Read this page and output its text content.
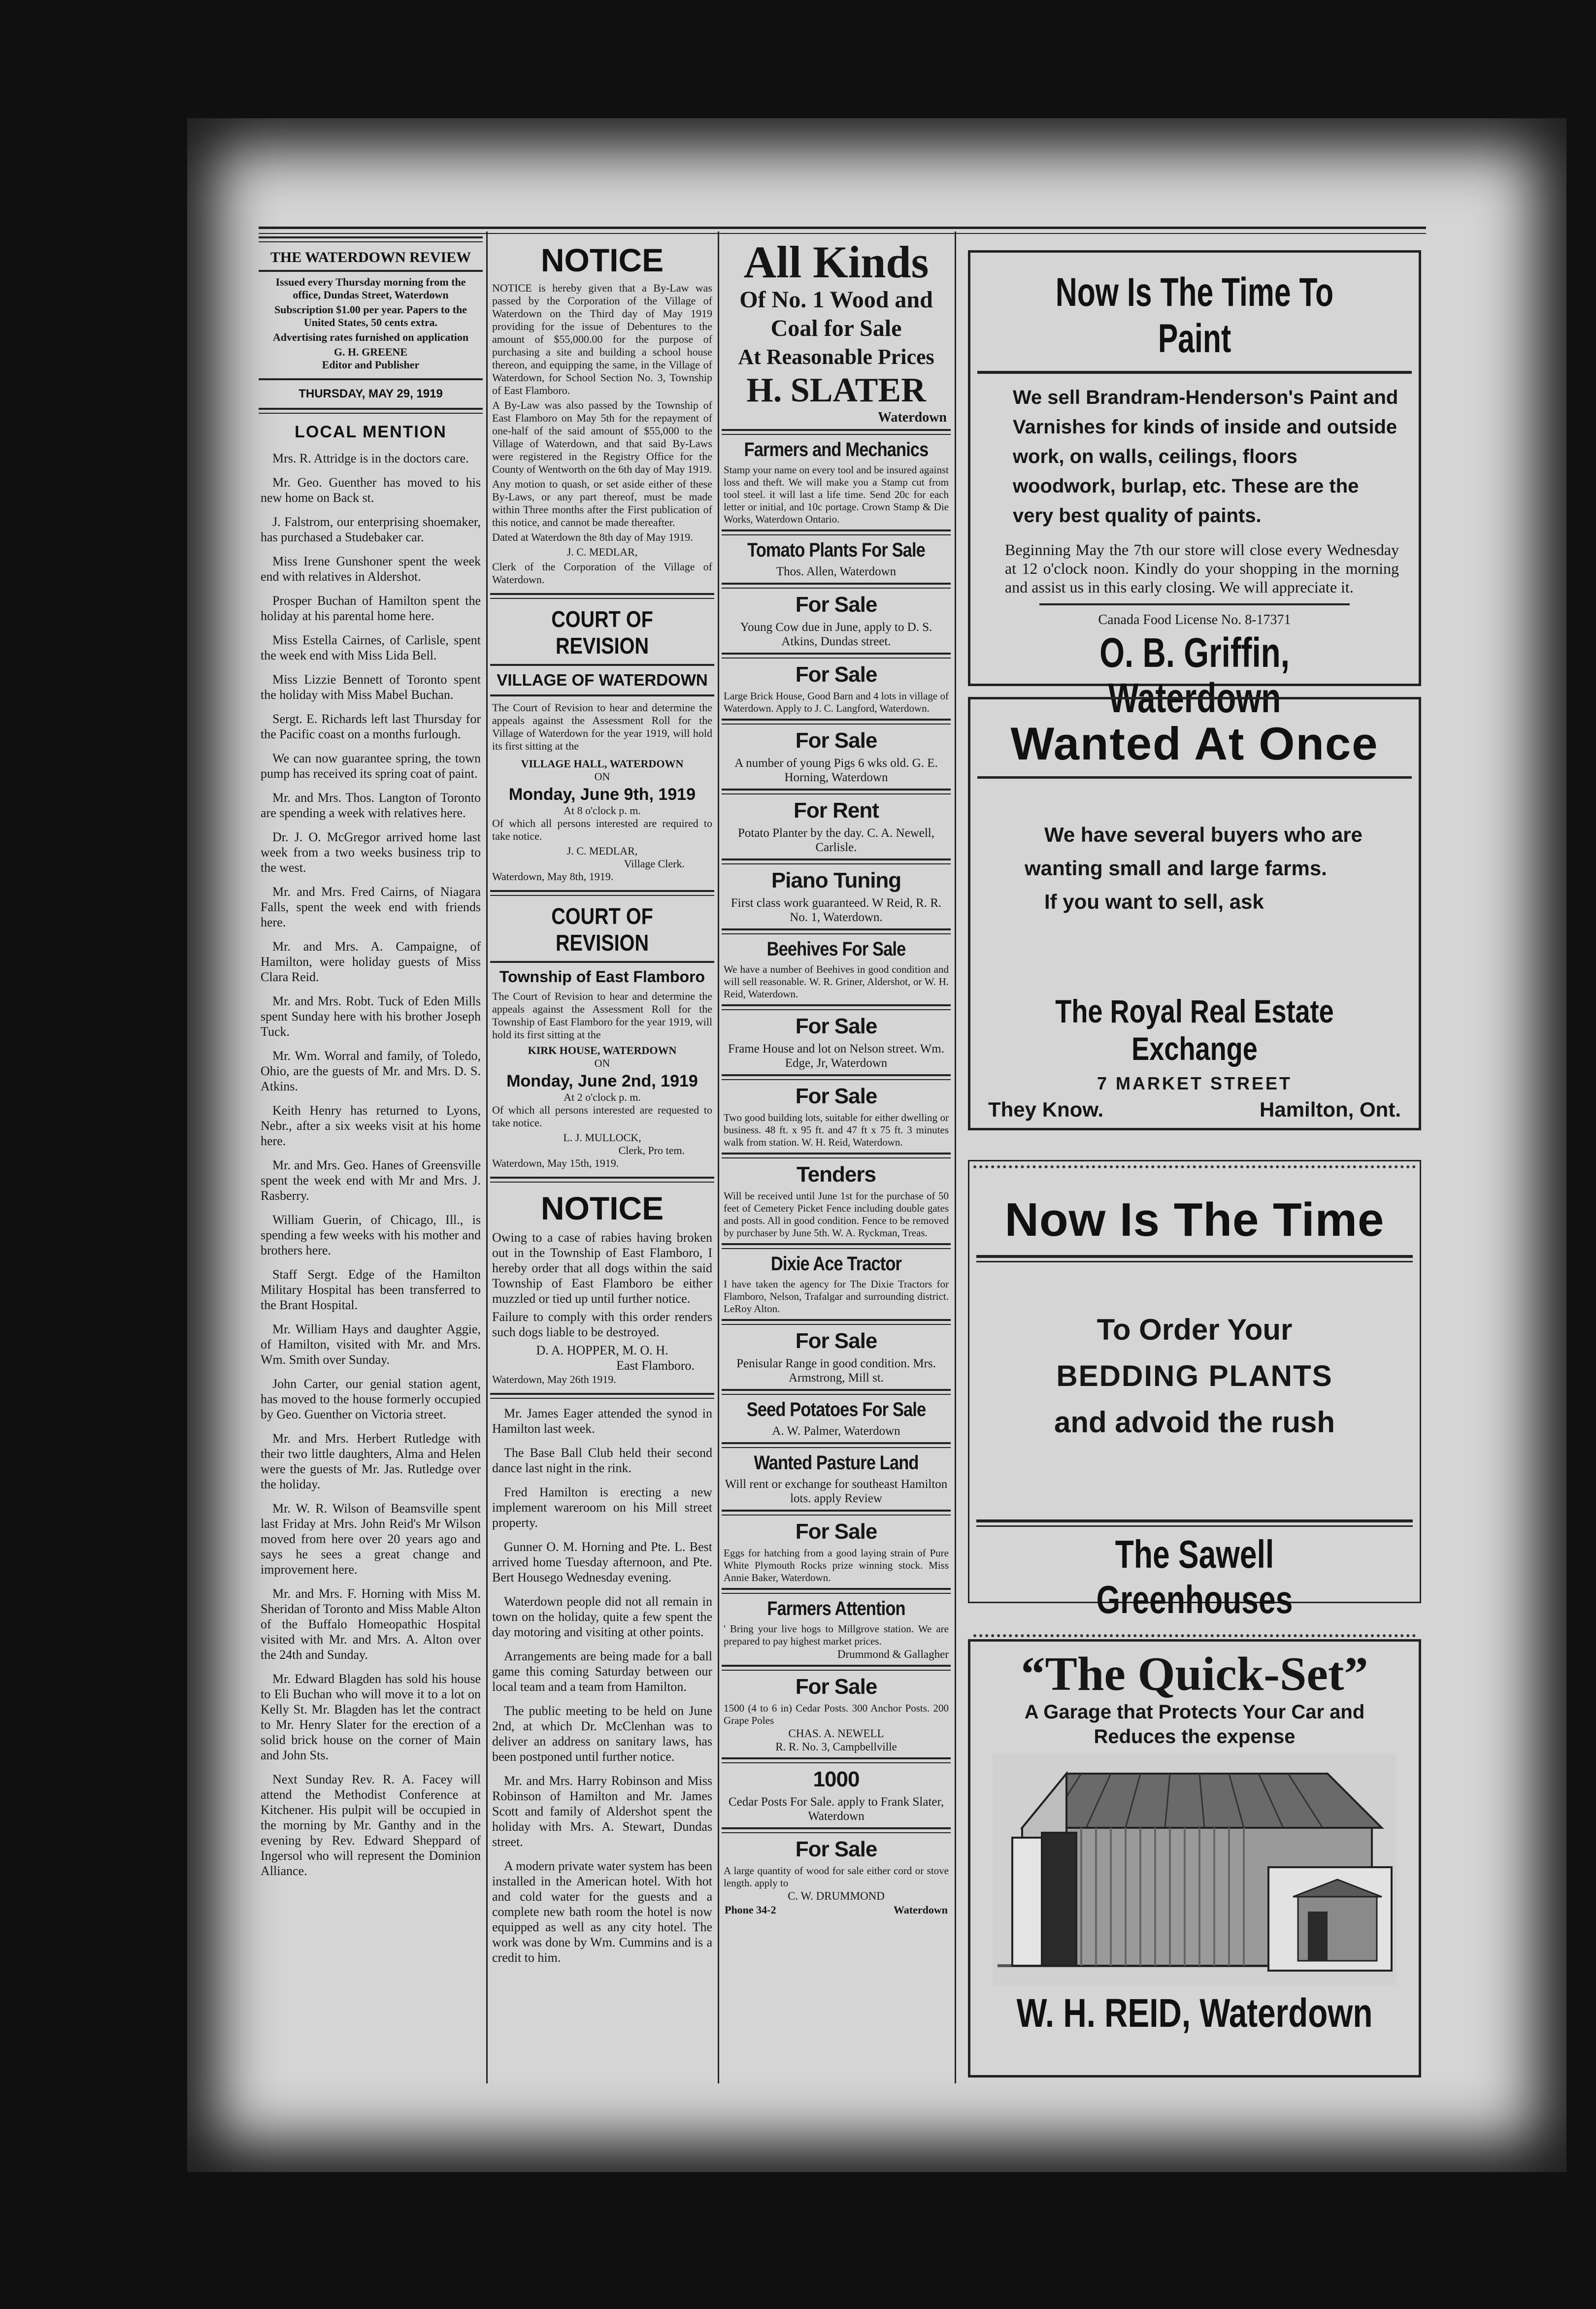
THE WATERDOWN REVIEW

Issued every Thursday morning from the office, Dundas Street, Waterdown

Subscription $1.00 per year. Papers to the United States, 50 cents extra.

Advertising rates furnished on application

G. H. GREENE

Editor and Publisher

THURSDAY, MAY 29, 1919
LOCAL MENTION

Mrs. R. Attridge is in the doctors care.

Mr. Geo. Guenther has moved to his new home on Back st.

J. Falstrom, our enterprising shoemaker, has purchased a Studebaker car.

Miss Irene Gunshoner spent the week end with relatives in Aldershot.

Prosper Buchan of Hamilton spent the holiday at his parental home here.

Miss Estella Cairnes, of Carlisle, spent the week end with Miss Lida Bell.

Miss Lizzie Bennett of Toronto spent the holiday with Miss Mabel Buchan.

Sergt. E. Richards left last Thursday for the Pacific coast on a months furlough.

We can now guarantee spring, the town pump has received its spring coat of paint.

Mr. and Mrs. Thos. Langton of Toronto are spending a week with relatives here.

Dr. J. O. McGregor arrived home last week from a two weeks business trip to the west.

Mr. and Mrs. Fred Cairns, of Niagara Falls, spent the week end with friends here.

Mr. and Mrs. A. Campaigne, of Hamilton, were holiday guests of Miss Clara Reid.

Mr. and Mrs. Robt. Tuck of Eden Mills spent Sunday here with his brother Joseph Tuck.

Mr. Wm. Worral and family, of Toledo, Ohio, are the guests of Mr. and Mrs. D. S. Atkins.

Keith Henry has returned to Lyons, Nebr., after a six weeks visit at his home here.

Mr. and Mrs. Geo. Hanes of Greensville spent the week end with Mr and Mrs. J. Rasberry.

William Guerin, of Chicago, Ill., is spending a few weeks with his mother and brothers here.

Staff Sergt. Edge of the Hamilton Military Hospital has been transferred to the Brant Hospital.

Mr. William Hays and daughter Aggie, of Hamilton, visited with Mr. and Mrs. Wm. Smith over Sunday.

John Carter, our genial station agent, has moved to the house formerly occupied by Geo. Guenther on Victoria street.

Mr. and Mrs. Herbert Rutledge with their two little daughters, Alma and Helen were the guests of Mr. Jas. Rutledge over the holiday.

Mr. W. R. Wilson of Beamsville spent last Friday at Mrs. John Reid's Mr Wilson moved from here over 20 years ago and says he sees a great change and improvement here.

Mr. and Mrs. F. Horning with Miss M. Sheridan of Toronto and Miss Mable Alton of the Buffalo Homeopathic Hospital visited with Mr. and Mrs. A. Alton over the 24th and Sunday.

Mr. Edward Blagden has sold his house to Eli Buchan who will move it to a lot on Kelly St. Mr. Blagden has let the contract to Mr. Henry Slater for the erection of a solid brick house on the corner of Main and John Sts.

Next Sunday Rev. R. A. Facey will attend the Methodist Conference at Kitchener. His pulpit will be occupied in the morning by Mr. Ganthy and in the evening by Rev. Edward Sheppard of Ingersol who will represent the Dominion Alliance.

NOTICE

NOTICE is hereby given that a By-Law was passed by the Corporation of the Village of Waterdown on the Third day of May 1919 providing for the issue of Debentures to the amount of $55,000.00 for the purpose of purchasing a site and building a school house thereon, and equipping the same, in the Village of Waterdown, for School Section No. 3, Township of East Flamboro.

A By-Law was also passed by the Township of East Flamboro on May 5th for the repayment of one-half of the said amount of $55,000 to the Village of Waterdown, and that said By-Laws were registered in the Registry Office for the County of Wentworth on the 6th day of May 1919.

Any motion to quash, or set aside either of these By-Laws, or any part thereof, must be made within Three months after the First publication of this notice, and cannot be made thereafter.

Dated at Waterdown the 8th day of May 1919.

J. C. MEDLAR,

Clerk of the Corporation of the Village of Waterdown.

COURT OF REVISION
VILLAGE OF WATERDOWN

The Court of Revision to hear and determine the appeals against the Assessment Roll for the Village of Waterdown for the year 1919, will hold its first sitting at the

VILLAGE HALL, WATERDOWN

ON

Monday, June 9th, 1919

At 8 o'clock p. m.

Of which all persons interested are required to take notice.

J. C. MEDLAR,

Village Clerk.

Waterdown, May 8th, 1919.

COURT OF REVISION
Township of East Flamboro

The Court of Revision to hear and determine the appeals against the Assessment Roll for the Township of East Flamboro for the year 1919, will hold its first sitting at the

KIRK HOUSE, WATERDOWN

ON

Monday, June 2nd, 1919

At 2 o'clock p. m.

Of which all persons interested are requested to take notice.

L. J. MULLOCK,

Clerk, Pro tem.

Waterdown, May 15th, 1919.

NOTICE

Owing to a case of rabies having broken out in the Township of East Flamboro, I hereby order that all dogs within the said Township of East Flamboro be either muzzled or tied up until further notice.

Failure to comply with this order renders such dogs liable to be destroyed.

D. A. HOPPER, M. O. H.

East Flamboro.

Waterdown, May 26th 1919.

Mr. James Eager attended the synod in Hamilton last week.

The Base Ball Club held their second dance last night in the rink.

Fred Hamilton is erecting a new implement wareroom on his Mill street property.

Gunner O. M. Horning and Pte. L. Best arrived home Tuesday afternoon, and Pte. Bert Housego Wednesday evening.

Waterdown people did not all remain in town on the holiday, quite a few spent the day motoring and visiting at other points.

Arrangements are being made for a ball game this coming Saturday between our local team and a team from Hamilton.

The public meeting to be held on June 2nd, at which Dr. McClenhan was to deliver an address on sanitary laws, has been postponed until further notice.

Mr. and Mrs. Harry Robinson and Miss Robinson of Hamilton and Mr. James Scott and family of Aldershot spent the holiday with Mrs. A. Stewart, Dundas street.

A modern private water system has been installed in the American hotel. With hot and cold water for the guests and a complete new bath room the hotel is now equipped as well as any city hotel. The work was done by Wm. Cummins and is a credit to him.

All Kinds
Of No. 1 Wood and
Coal for Sale
At Reasonable Prices
H. SLATER
Waterdown
Farmers and Mechanics

Stamp your name on every tool and be insured against loss and theft. We will make you a Stamp cut from tool steel. it will last a life time. Send 20c for each letter or initial, and 10c portage. Crown Stamp & Die Works, Waterdown Ontario.

Tomato Plants For Sale

Thos. Allen, Waterdown

For Sale

Young Cow due in June, apply to D. S. Atkins, Dundas street.

For Sale

Large Brick House, Good Barn and 4 lots in village of Waterdown. Apply to J. C. Langford, Waterdown.

For Sale

A number of young Pigs 6 wks old. G. E. Horning, Waterdown

For Rent

Potato Planter by the day. C. A. Newell, Carlisle.

Piano Tuning

First class work guaranteed. W Reid, R. R. No. 1, Waterdown.

Beehives For Sale

We have a number of Beehives in good condition and will sell reasonable. W. R. Griner, Aldershot, or W. H. Reid, Waterdown.

For Sale

Frame House and lot on Nelson street. Wm. Edge, Jr, Waterdown

For Sale

Two good building lots, suitable for either dwelling or business. 48 ft. x 95 ft. and 47 ft x 75 ft. 3 minutes walk from station. W. H. Reid, Waterdown.

Tenders

Will be received until June 1st for the purchase of 50 feet of Cemetery Picket Fence including double gates and posts. All in good condition. Fence to be removed by purchaser by June 5th. W. A. Ryckman, Treas.

Dixie Ace Tractor

I have taken the agency for The Dixie Tractors for Flamboro, Nelson, Trafalgar and surrounding district. LeRoy Alton.

For Sale

Penisular Range in good condition. Mrs. Armstrong, Mill st.

Seed Potatoes For Sale

A. W. Palmer, Waterdown

Wanted Pasture Land

Will rent or exchange for southeast Hamilton lots. apply Review

For Sale

Eggs for hatching from a good laying strain of Pure White Plymouth Rocks prize winning stock. Miss Annie Baker, Waterdown.

Farmers Attention

' Bring your live hogs to Millgrove station. We are prepared to pay highest market prices.

Drummond & Gallagher

For Sale

1500 (4 to 6 in) Cedar Posts. 300 Anchor Posts. 200 Grape Poles

CHAS. A. NEWELL

R. R. No. 3, Campbellville

1000

Cedar Posts For Sale. apply to Frank Slater, Waterdown

For Sale

A large quantity of wood for sale either cord or stove length. apply to

C. W. DRUMMOND

Phone 34-2	Waterdown
Now Is The Time To Paint

We sell Brandram-Henderson's Paint and Varnishes for kinds of inside and outside work, on walls, ceilings, floors woodwork, burlap, etc. These are the very best quality of paints.

Beginning May the 7th our store will close every Wednesday at 12 o'clock noon. Kindly do your shopping in the morning and assist us in this early closing. We will appreciate it.

Canada Food License No. 8-17371
O. B. Griffin, Waterdown
Wanted At Once
We have several buyers who are
wanting small and large farms.
If you want to sell, ask
The Royal Real Estate Exchange
7 MARKET STREET
They Know.	Hamilton, Ont.
Now Is The Time
To Order Your
BEDDING PLANTS
and advoid the rush
The Sawell Greenhouses
“The Quick-Set”
A Garage that Protects Your Car and
Reduces the expense
W. H. REID, Waterdown
